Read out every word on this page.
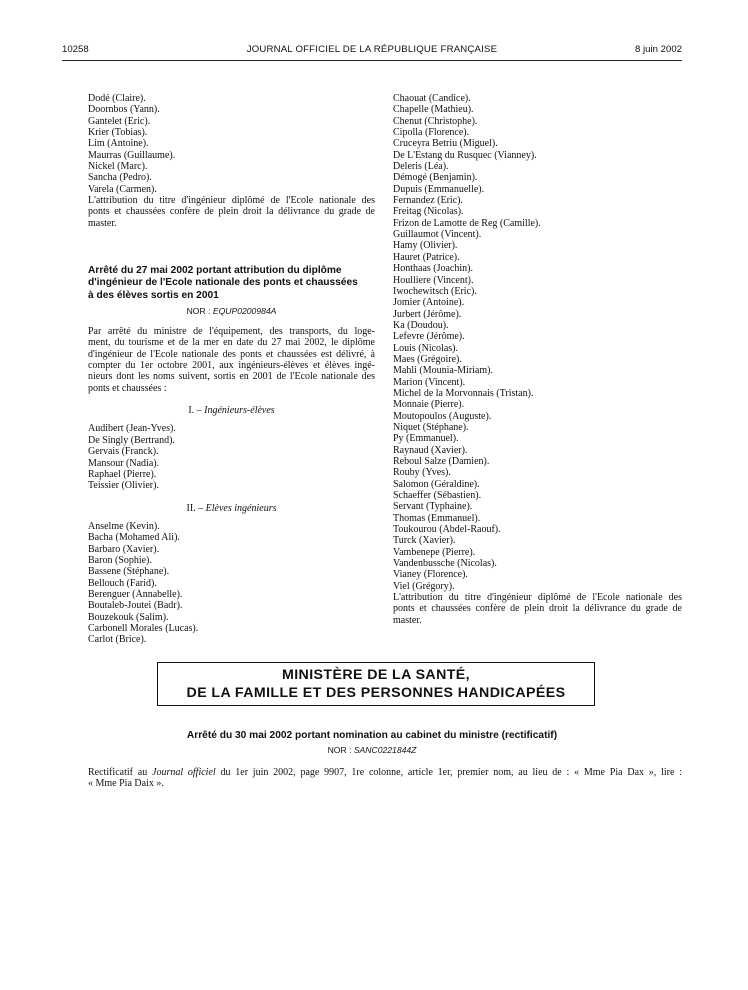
10258	JOURNAL OFFICIEL DE LA RÉPUBLIQUE FRANÇAISE	8 juin 2002
Dodé (Claire).
Doornbos (Yann).
Gantelet (Eric).
Krier (Tobias).
Lim (Antoine).
Maurras (Guillaume).
Nickel (Marc).
Sancha (Pedro).
Varela (Carmen).

L'attribution du titre d'ingénieur diplômé de l'Ecole nationale des
ponts et chaussées confère de plein droit la délivrance du grade de
master.

Arrêté du 27 mai 2002 portant attribution du diplôme
d'ingénieur de l'Ecole nationale des ponts et chaussées
à des élèves sortis en 2001

NOR : EQUP0200984A

Par arrêté du ministre de l'équipement, des transports, du loge-
ment, du tourisme et de la mer en date du 27 mai 2002, le diplôme
d'ingénieur de l'Ecole nationale des ponts et chaussées est délivré, à
compter du 1er octobre 2001, aux ingénieurs-élèves et élèves ingé-
nieurs dont les noms suivent, sortis en 2001 de l'Ecole nationale des
ponts et chaussées :

I. – Ingénieurs-élèves

Audibert (Jean-Yves).
De Singly (Bertrand).
Gervais (Franck).
Mansour (Nadia).
Raphael (Pierre).
Teissier (Olivier).

II. – Elèves ingénieurs

Anselme (Kevin).
Bacha (Mohamed Ali).
Barbaro (Xavier).
Baron (Sophie).
Bassene (Stéphane).
Bellouch (Farid).
Berenguer (Annabelle).
Boutaleb-Joutei (Badr).
Bouzekouk (Salim).
Carbonell Morales (Lucas).
Carlot (Brice).
Chaouat (Candice).
Chapelle (Mathieu).
Chenut (Christophe).
Cipolla (Florence).
Cruceyra Betriu (Miguel).
De L'Estang du Rusquec (Vianney).
Deleris (Léa).
Démogé (Benjamin).
Dupuis (Emmanuelle).
Fernandez (Eric).
Freitag (Nicolas).
Frizon de Lamotte de Reg (Camille).
Guillaumot (Vincent).
Hamy (Olivier).
Hauret (Patrice).
Honthaas (Joachin).
Houlliere (Vincent).
Iwochewitsch (Eric).
Jomier (Antoine).
Jurbert (Jérôme).
Ka (Doudou).
Lefevre (Jérôme).
Louis (Nicolas).
Maes (Grégoire).
Mahli (Mounia-Miriam).
Marion (Vincent).
Michel de la Morvonnais (Tristan).
Monnaie (Pierre).
Moutopoulos (Auguste).
Niquet (Stéphane).
Py (Emmanuel).
Raynaud (Xavier).
Reboul Salze (Damien).
Rouby (Yves).
Salomon (Géraldine).
Schaeffer (Sébastien).
Servant (Typhaine).
Thomas (Emmanuel).
Toukourou (Abdel-Raouf).
Turck (Xavier).
Vambenepe (Pierre).
Vandenbussche (Nicolas).
Vianey (Florence).
Viel (Grégory).

L'attribution du titre d'ingénieur diplômé de l'Ecole nationale des
ponts et chaussées confère de plein droit la délivrance du grade de
master.

MINISTÈRE DE LA SANTÉ,
DE LA FAMILLE ET DES PERSONNES HANDICAPÉES
Arrêté du 30 mai 2002 portant nomination au cabinet du ministre (rectificatif)
NOR : SANC0221844Z
Rectificatif au Journal officiel du 1er juin 2002, page 9907, 1re colonne, article 1er, premier nom, au lieu de : « Mme Pia Dax », lire :
« Mme Pia Daix ».
